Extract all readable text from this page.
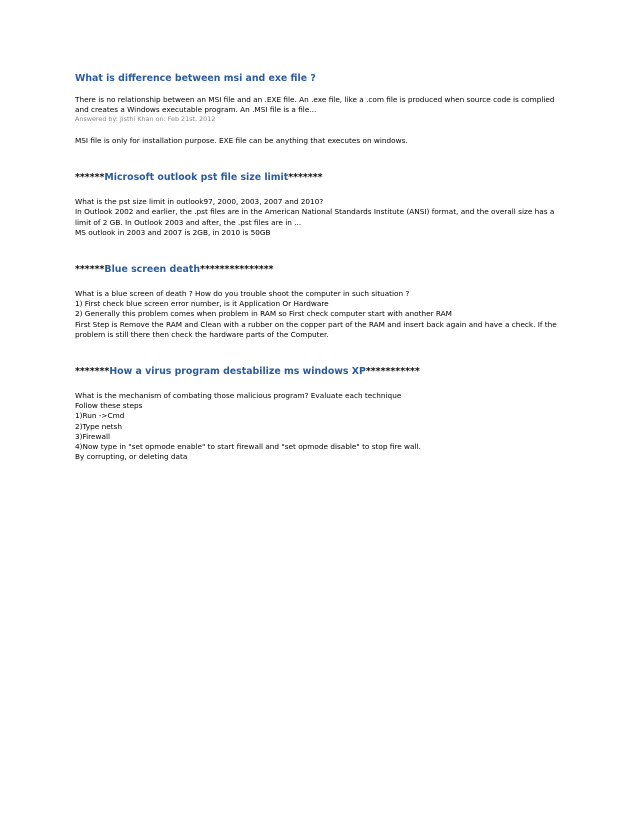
What is difference between msi and exe file ?

There is no relationship between an MSI file and an .EXE file. An .exe file, like a .com file is produced when source code is complied and creates a Windows executable program. An .MSI file is a file...

Answered by: Jisthi Khan on: Feb 21st, 2012

MSI file is only for installation purpose. EXE file can be anything that executes on windows.

******Microsoft outlook pst file size limit*******

What is the pst size limit in outlook97, 2000, 2003, 2007 and 2010?

In Outlook 2002 and earlier, the .pst files are in the American National Standards Institute (ANSI) format, and the overall size has a limit of 2 GB. In Outlook 2003 and after, the .pst files are in ...

MS outlook in 2003 and 2007 is 2GB, in 2010 is 50GB

******Blue screen death***************

What is a blue screen of death ? How do you trouble shoot the computer in such situation ?

1) First check blue screen error number, is it Application Or Hardware

2) Generally this problem comes when problem in RAM so First check computer start with another RAM

First Step is Remove the RAM and Clean with a rubber on the copper part of the RAM and insert back again and have a check. If the problem is still there then check the hardware parts of the Computer.

*******How a virus program destabilize ms windows XP***********

What is the mechanism of combating those malicious program? Evaluate each technique

Follow these steps

1)Run ->Cmd

2)Type netsh

3)Firewall

4)Now type in "set opmode enable" to start firewall and "set opmode disable" to stop fire wall.

By corrupting, or deleting data
